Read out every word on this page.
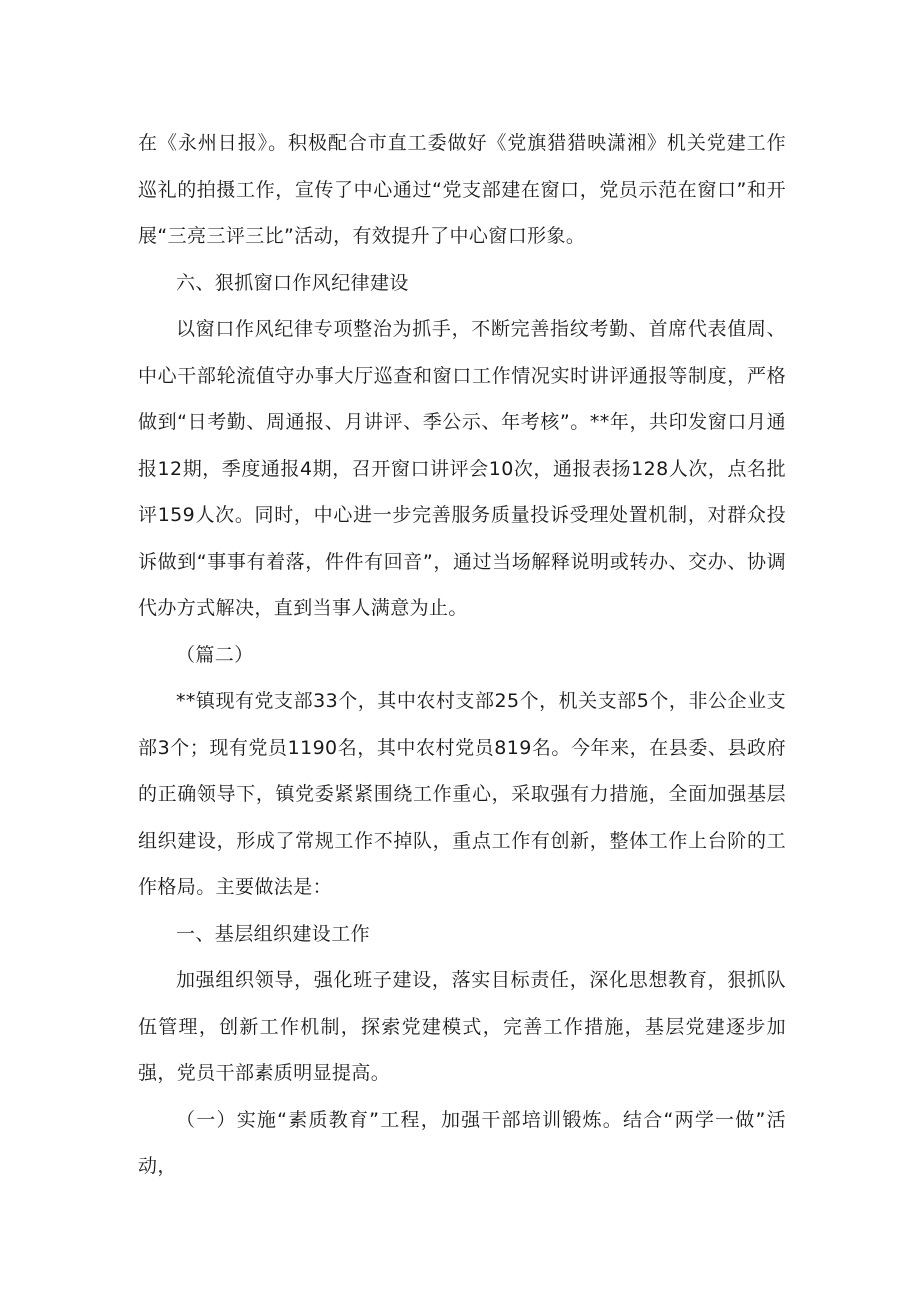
在《永州日报》。积极配合市直工委做好《党旗猎猎映潇湘》机关党建工作巡礼的拍摄工作，宣传了中心通过“党支部建在窗口，党员示范在窗口”和开展“三亮三评三比”活动，有效提升了中心窗口形象。

六、狠抓窗口作风纪律建设

以窗口作风纪律专项整治为抓手，不断完善指纹考勤、首席代表值周、中心干部轮流值守办事大厅巡查和窗口工作情况实时讲评通报等制度，严格做到“日考勤、周通报、月讲评、季公示、年考核”。**年，共印发窗口月通报12期，季度通报4期，召开窗口讲评会10次，通报表扬128人次，点名批评159人次。同时，中心进一步完善服务质量投诉受理处置机制，对群众投诉做到“事事有着落，件件有回音”，通过当场解释说明或转办、交办、协调代办方式解决，直到当事人满意为止。

（篇二）

**镇现有党支部33个，其中农村支部25个，机关支部5个，非公企业支部3个；现有党员1190名，其中农村党员819名。今年来，在县委、县政府的正确领导下，镇党委紧紧围绕工作重心，采取强有力措施，全面加强基层组织建设，形成了常规工作不掉队，重点工作有创新，整体工作上台阶的工作格局。主要做法是：

一、基层组织建设工作

加强组织领导，强化班子建设，落实目标责任，深化思想教育，狠抓队伍管理，创新工作机制，探索党建模式，完善工作措施，基层党建逐步加强，党员干部素质明显提高。

（一）实施“素质教育”工程，加强干部培训锻炼。结合“两学一做”活动，
